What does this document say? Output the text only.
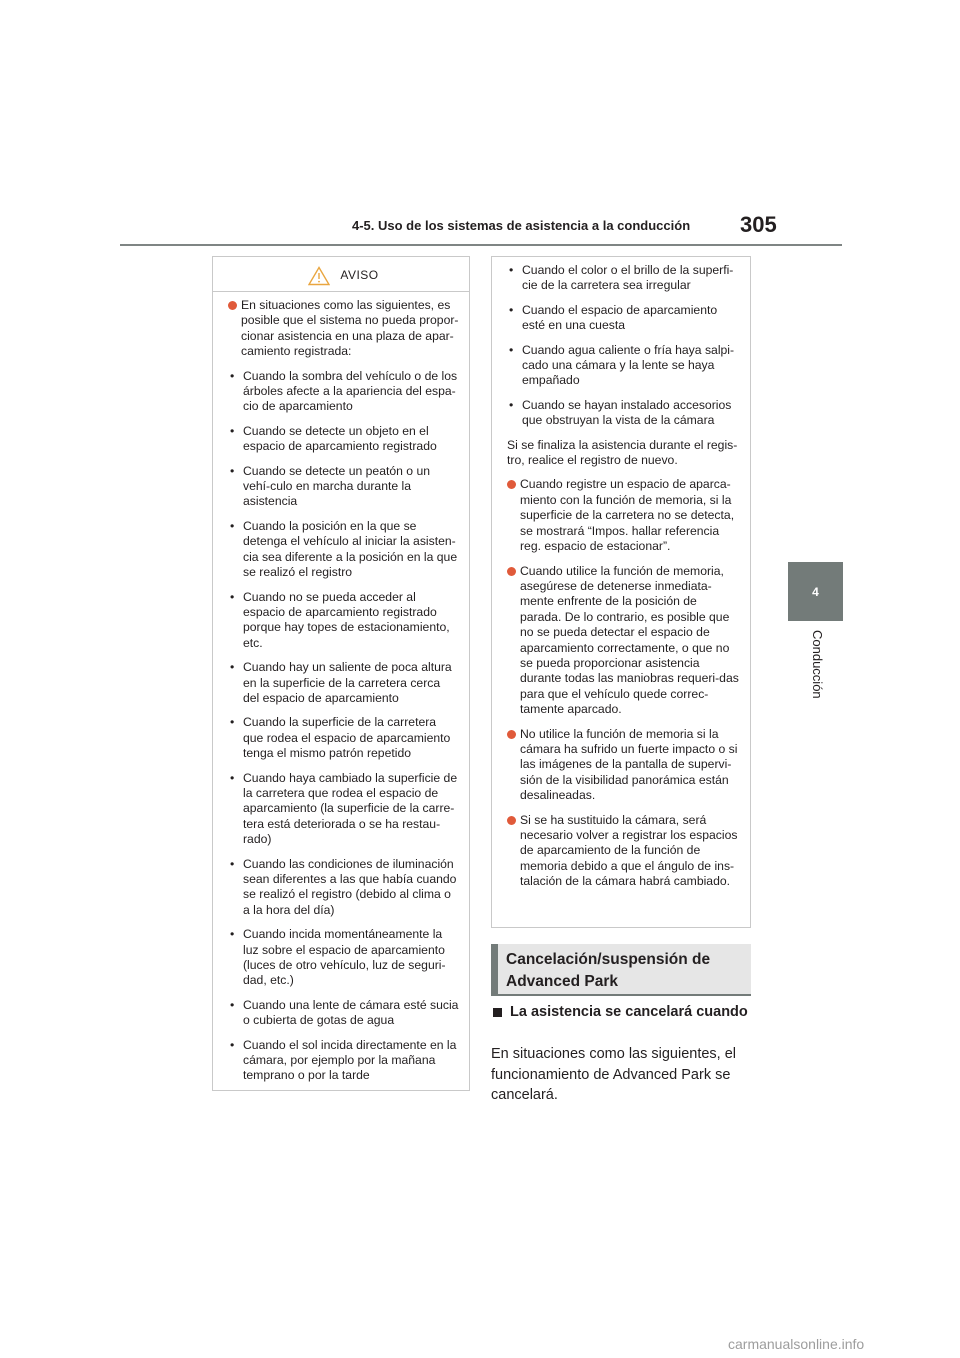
4-5. Uso de los sistemas de asistencia a la conducción 305
4
Conducción
AVISO
En situaciones como las siguientes, es posible que el sistema no pueda propor-cionar asistencia en una plaza de apar-camiento registrada:
• Cuando la sombra del vehículo o de los árboles afecte a la apariencia del espa-cio de aparcamiento
• Cuando se detecte un objeto en el espacio de aparcamiento registrado
• Cuando se detecte un peatón o un vehí-culo en marcha durante la asistencia
• Cuando la posición en la que se detenga el vehículo al iniciar la asisten-cia sea diferente a la posición en la que se realizó el registro
• Cuando no se pueda acceder al espacio de aparcamiento registrado porque hay topes de estacionamiento, etc.
• Cuando hay un saliente de poca altura en la superficie de la carretera cerca del espacio de aparcamiento
• Cuando la superficie de la carretera que rodea el espacio de aparcamiento tenga el mismo patrón repetido
• Cuando haya cambiado la superficie de la carretera que rodea el espacio de aparcamiento (la superficie de la carre-tera está deteriorada o se ha restau-rado)
• Cuando las condiciones de iluminación sean diferentes a las que había cuando se realizó el registro (debido al clima o a la hora del día)
• Cuando incida momentáneamente la luz sobre el espacio de aparcamiento (luces de otro vehículo, luz de seguri-dad, etc.)
• Cuando una lente de cámara esté sucia o cubierta de gotas de agua
• Cuando el sol incida directamente en la cámara, por ejemplo por la mañana temprano o por la tarde
• Cuando el color o el brillo de la superfi-cie de la carretera sea irregular
• Cuando el espacio de aparcamiento esté en una cuesta
• Cuando agua caliente o fría haya salpi-cado una cámara y la lente se haya empañado
• Cuando se hayan instalado accesorios que obstruyan la vista de la cámara
Si se finaliza la asistencia durante el regis-tro, realice el registro de nuevo.
Cuando registre un espacio de aparca-miento con la función de memoria, si la superficie de la carretera no se detecta, se mostrará “Impos. hallar referencia reg. espacio de estacionar”.
Cuando utilice la función de memoria, asegúrese de detenerse inmediata-mente enfrente de la posición de parada. De lo contrario, es posible que no se pueda detectar el espacio de aparcamiento correctamente, o que no se pueda proporcionar asistencia durante todas las maniobras requeri-das para que el vehículo quede correc-tamente aparcado.
No utilice la función de memoria si la cámara ha sufrido un fuerte impacto o si las imágenes de la pantalla de supervi-sión de la visibilidad panorámica están desalineadas.
Si se ha sustituido la cámara, será necesario volver a registrar los espacios de aparcamiento de la función de memoria debido a que el ángulo de ins-talación de la cámara habrá cambiado.
Cancelación/suspensión de Advanced Park
La asistencia se cancelará cuando
En situaciones como las siguientes, el funcionamiento de Advanced Park se cancelará.
carmanualsonline.info
